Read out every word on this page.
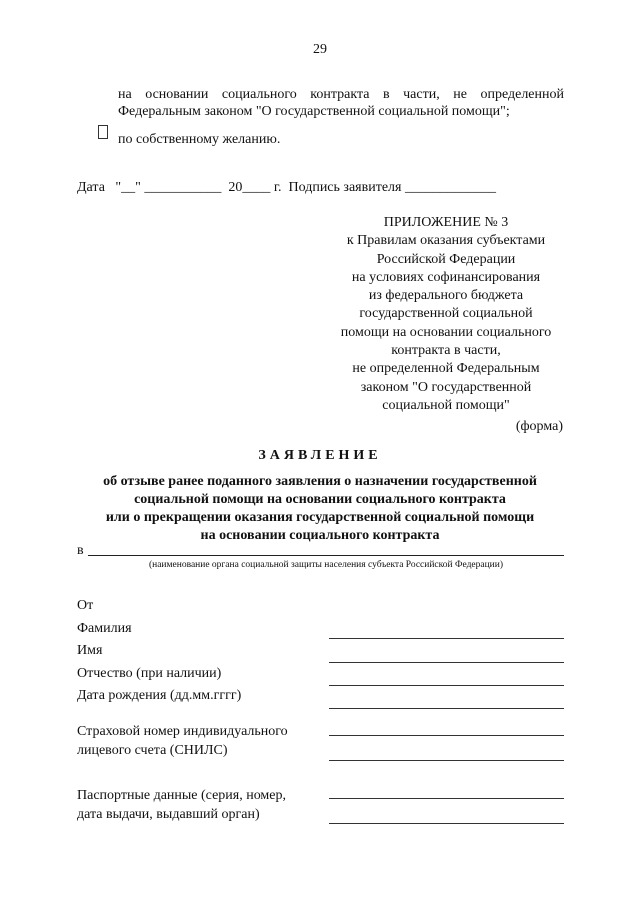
29
на основании социального контракта в части, не определенной
Федеральным законом "О государственной социальной помощи";
по собственному желанию.
Дата   "__" ___________  20____ г.  Подпись заявителя _____________
ПРИЛОЖЕНИЕ № 3
к Правилам оказания субъектами
Российской Федерации
на условиях софинансирования
из федерального бюджета
государственной социальной
помощи на основании социального
контракта в части,
не определенной Федеральным
законом "О государственной
социальной помощи"
(форма)
ЗАЯВЛЕНИЕ
об отзыве ранее поданного заявления о назначении государственной
социальной помощи на основании социального контракта
или о прекращении оказания государственной социальной помощи
на основании социального контракта
в
(наименование органа социальной защиты населения субъекта Российской Федерации)
От
Фамилия
Имя
Отчество (при наличии)
Дата рождения (дд.мм.гггг)
Страховой номер индивидуального
лицевого счета (СНИЛС)
Паспортные данные (серия, номер,
дата выдачи, выдавший орган)
